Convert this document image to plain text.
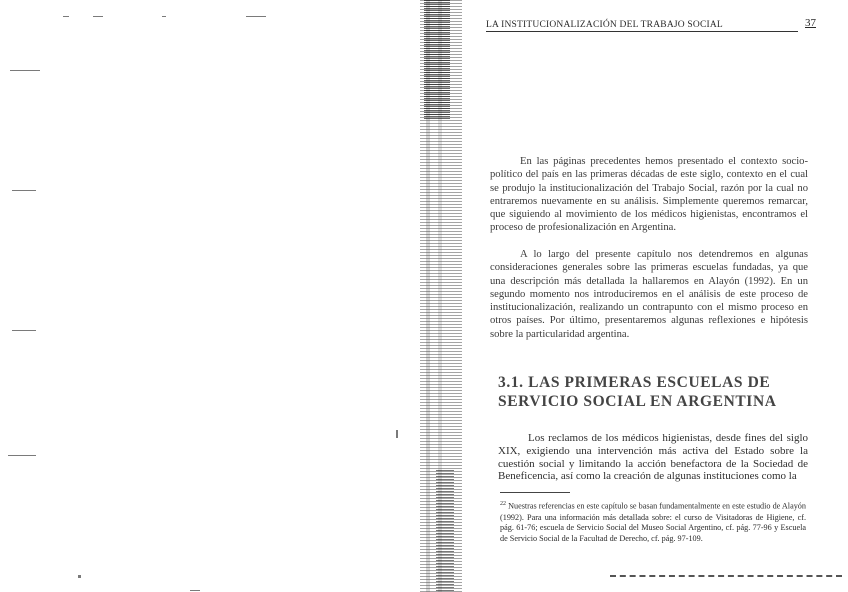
LA INSTITUCIONALIZACIÓN DEL TRABAJO SOCIAL	37

En las páginas precedentes hemos presentado el contexto socio-político del país en las primeras décadas de este siglo, contexto en el cual se produjo la institucionalización del Trabajo Social, razón por la cual no entraremos nuevamente en su análisis. Simplemente queremos remarcar, que siguiendo al movimiento de los médicos higienistas, encontramos el proceso de profesionalización en Argentina.

A lo largo del presente capítulo nos detendremos en algunas consideraciones generales sobre las primeras escuelas fundadas, ya que una descripción más detallada la hallaremos en Alayón (1992). En un segundo momento nos introduciremos en el análisis de este proceso de institucionalización, realizando un contrapunto con el mismo proceso en otros países. Por último, presentaremos algunas reflexiones e hipótesis sobre la particularidad argentina.

3.1. LAS PRIMERAS ESCUELAS DE SERVICIO SOCIAL EN ARGENTINA

Los reclamos de los médicos higienistas, desde fines del siglo XIX, exigiendo una intervención más activa del Estado sobre la cuestión social y limitando la acción benefactora de la Sociedad de Beneficencia, así como la creación de algunas instituciones como la

$^{22}$ Nuestras referencias en este capítulo se basan fundamentalmente en este estudio de Alayón (1992). Para una información más detallada sobre: el curso de Visitadoras de Higiene, cf. pág. 61-76; escuela de Servicio Social del Museo Social Argentino, cf. pág. 77-96 y Escuela de Servicio Social de la Facultad de Derecho, cf. pág. 97-109.
